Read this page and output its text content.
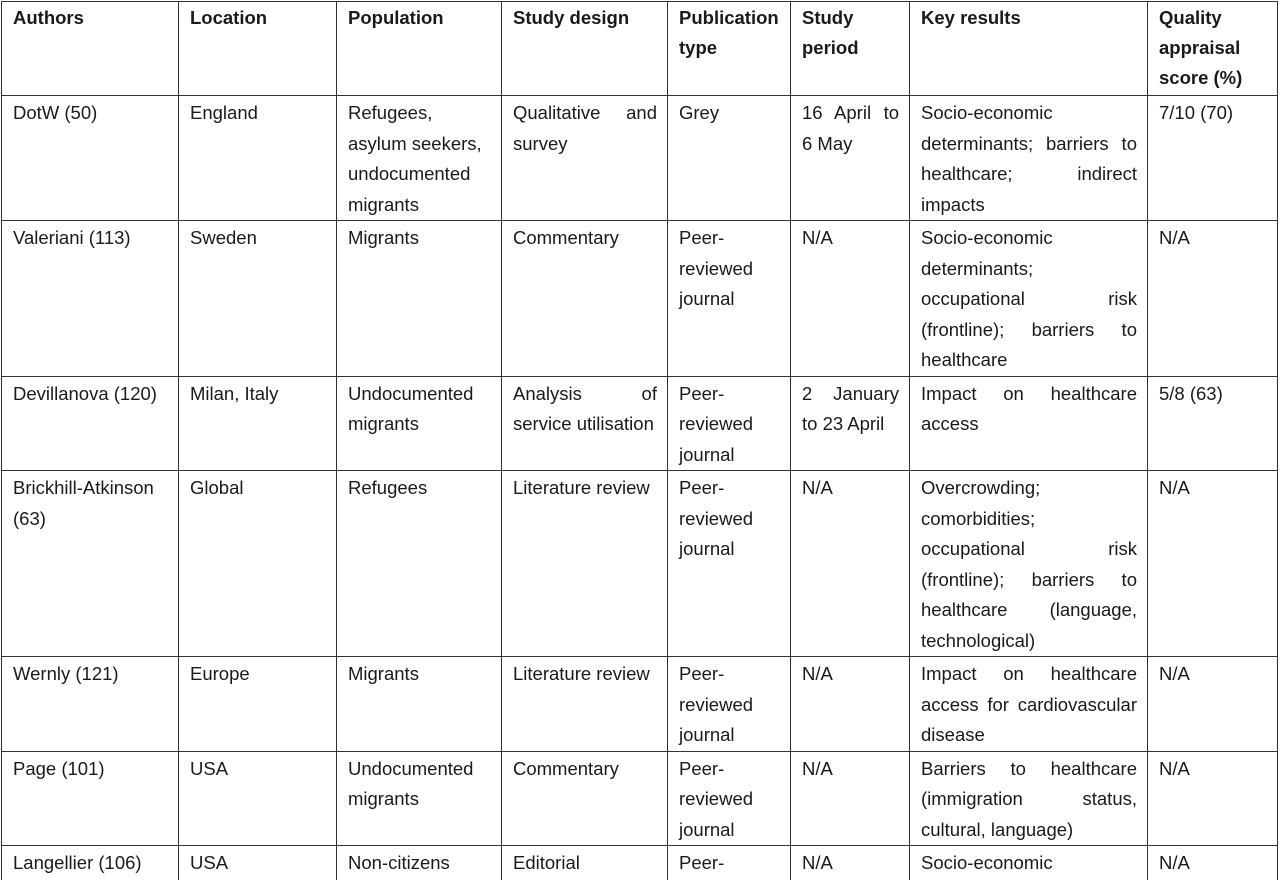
Authors	Location	Population	Study design	Publication type	Study period	Key results	Quality appraisal score (%)
DotW (50)	England	Refugees, asylum seekers, undocumented migrants	Qualitative and survey	Grey	16 April to 6 May	Socio-economic determinants; barriers to healthcare; indirect impacts	7/10 (70)
Valeriani (113)	Sweden	Migrants	Commentary	Peer-reviewed journal	N/A	Socio-economic determinants; occupational risk (frontline); barriers to healthcare	N/A
Devillanova (120)	Milan, Italy	Undocumented migrants	Analysis of service utilisation	Peer-reviewed journal	2 January to 23 April	Impact on healthcare access	5/8 (63)
Brickhill-Atkinson (63)	Global	Refugees	Literature review	Peer-reviewed journal	N/A	Overcrowding; comorbidities; occupational risk (frontline); barriers to healthcare (language, technological)	N/A
Wernly (121)	Europe	Migrants	Literature review	Peer-reviewed journal	N/A	Impact on healthcare access for cardiovascular disease	N/A
Page (101)	USA	Undocumented migrants	Commentary	Peer-reviewed journal	N/A	Barriers to healthcare (immigration status, cultural, language)	N/A
Langellier (106)	USA	Non-citizens	Editorial	Peer-	N/A	Socio-economic	N/A
